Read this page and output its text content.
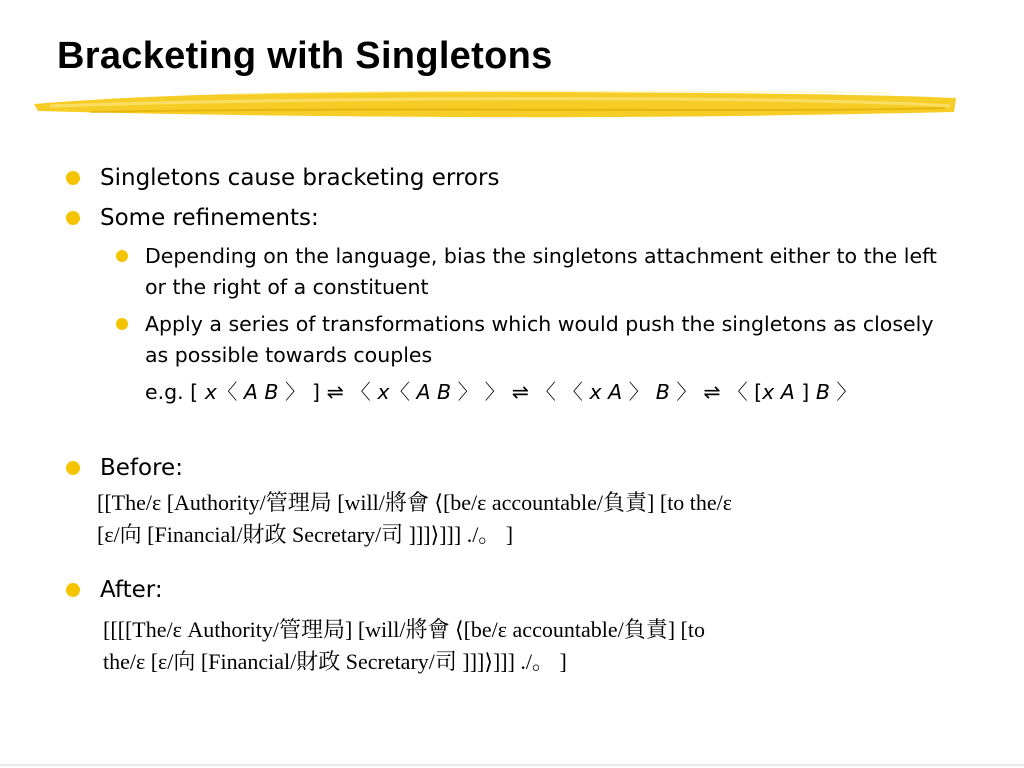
Bracketing with Singletons
Singletons cause bracketing errors
Some refinements:
Depending on the language, bias the singletons attachment either to the left or the right of a constituent
Apply a series of transformations which would push the singletons as closely as possible towards couples
e.g. [ x〈 A B 〉 ] ⇌ 〈 x〈 A B 〉 〉 ⇌ 〈 〈 x A 〉 B 〉 ⇌ 〈 [x A ] B 〉
Before:
[[The/ε [Authority/管理局 [will/將會 ⟨[be/ε accountable/負責] [to the/ε
[ε/向 [Financial/財政 Secretary/司 ]]]⟩]]] ./。 ]
After:
[[[[The/ε Authority/管理局] [will/將會 ⟨[be/ε accountable/負責] [to
the/ε [ε/向 [Financial/財政 Secretary/司 ]]]⟩]]] ./。 ]
